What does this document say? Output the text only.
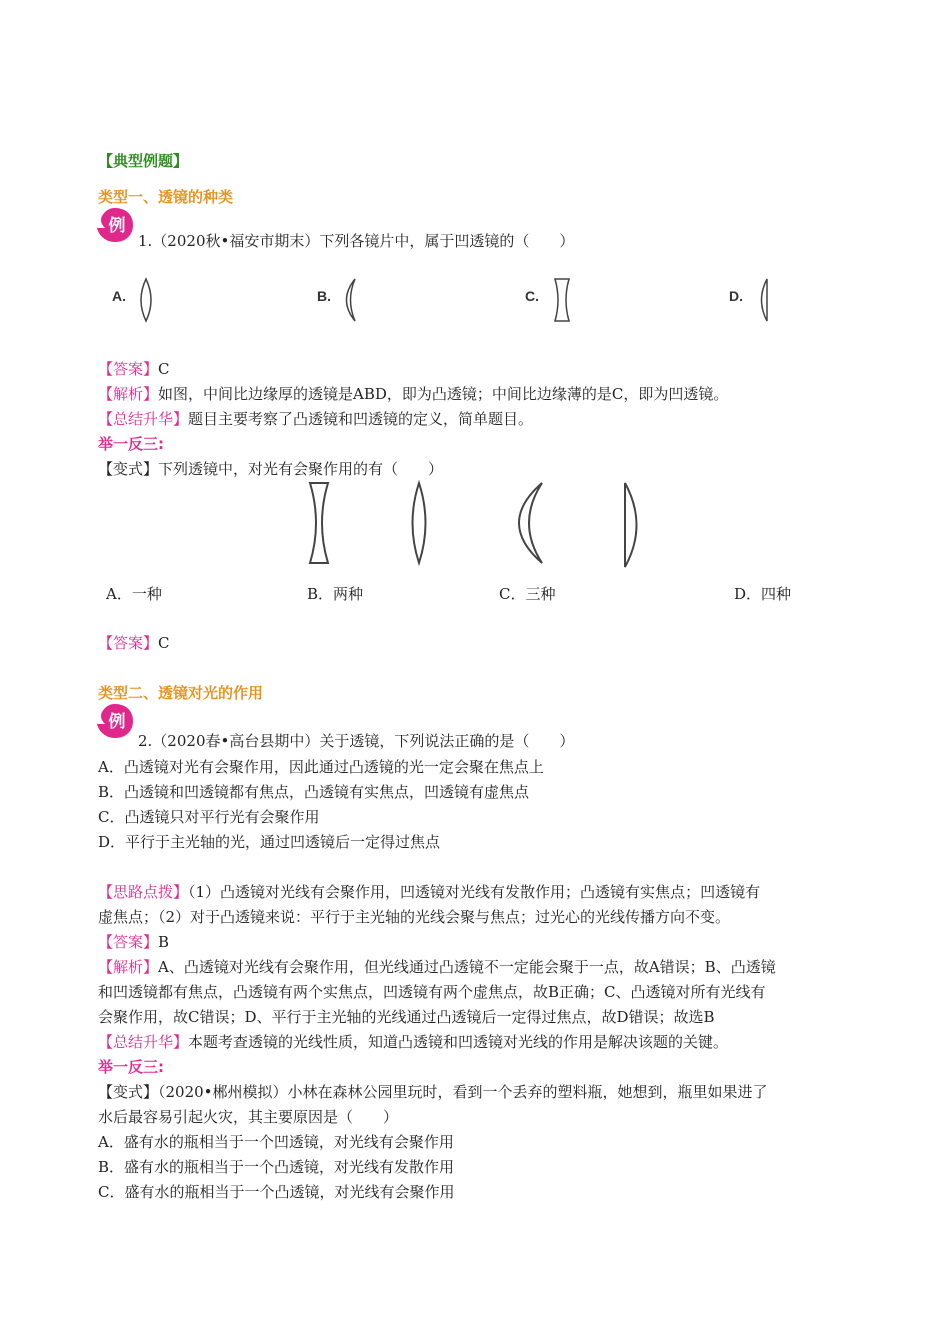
【典型例题】
类型一、透镜的种类
例
1.（2020秋•福安市期末）下列各镜片中，属于凹透镜的（　　）
A.	B.	C.	D.
【答案】C
【解析】如图，中间比边缘厚的透镜是ABD，即为凸透镜；中间比边缘薄的是C，即为凹透镜。
【总结升华】题目主要考察了凸透镜和凹透镜的定义，简单题目。
举一反三:
【变式】下列透镜中，对光有会聚作用的有（　　）
A．一种	B．两种	C．三种	D．四种
【答案】C
类型二、透镜对光的作用
例
2.（2020春•高台县期中）关于透镜，下列说法正确的是（　　）
A．凸透镜对光有会聚作用，因此通过凸透镜的光一定会聚在焦点上
B．凸透镜和凹透镜都有焦点，凸透镜有实焦点，凹透镜有虚焦点
C．凸透镜只对平行光有会聚作用
D．平行于主光轴的光，通过凹透镜后一定得过焦点
【思路点拨】（1）凸透镜对光线有会聚作用，凹透镜对光线有发散作用；凸透镜有实焦点；凹透镜有
虚焦点；（2）对于凸透镜来说：平行于主光轴的光线会聚与焦点；过光心的光线传播方向不变。
【答案】B
【解析】A、凸透镜对光线有会聚作用，但光线通过凸透镜不一定能会聚于一点，故A错误；B、凸透镜
和凹透镜都有焦点，凸透镜有两个实焦点，凹透镜有两个虚焦点，故B正确；C、凸透镜对所有光线有
会聚作用，故C错误；D、平行于主光轴的光线通过凸透镜后一定得过焦点，故D错误；故选B
【总结升华】本题考查透镜的光线性质，知道凸透镜和凹透镜对光线的作用是解决该题的关键。
举一反三:
【变式】（2020•郴州模拟）小林在森林公园里玩时，看到一个丢弃的塑料瓶，她想到，瓶里如果进了
水后最容易引起火灾，其主要原因是（　　）
A．盛有水的瓶相当于一个凹透镜，对光线有会聚作用
B．盛有水的瓶相当于一个凸透镜，对光线有发散作用
C．盛有水的瓶相当于一个凸透镜，对光线有会聚作用
